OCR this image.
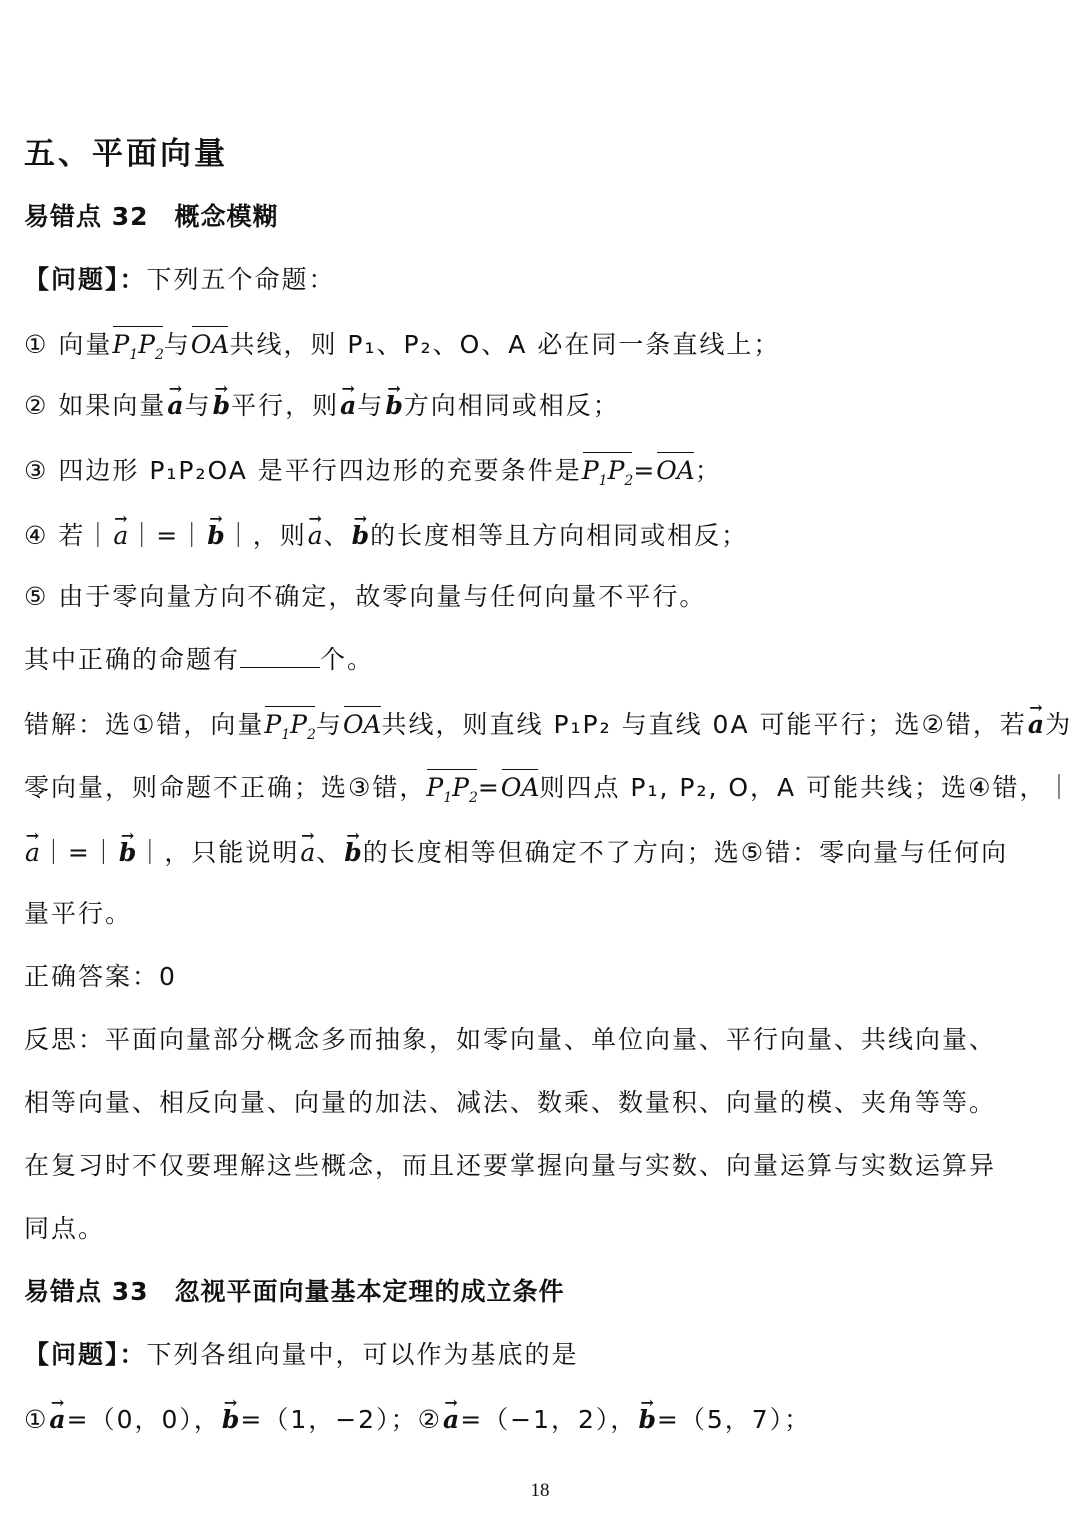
五、平面向量
易错点 32　概念模糊
【问题】：下列五个命题：
① 向量$P_1P_2$与OA共线，则 P₁、P₂、O、A 必在同一条直线上；
② 如果向量→ a与→ b平行，则→ a与→ b方向相同或相反；
③ 四边形 P₁P₂OA 是平行四边形的充要条件是$P_1P_2=OA$；
④ 若｜→ a｜=｜→ b｜，则→ a、→ b的长度相等且方向相同或相反；
⑤ 由于零向量方向不确定，故零向量与任何向量不平行。
其中正确的命题有	个。
错解：选①错，向量$P_1P_2$与OA共线，则直线 P₁P₂ 与直线 0A 可能平行；选②错，若→ a为
零向量，则命题不正确；选③错，$P_1P_2=OA$则四点 P₁, P₂, O，A 可能共线；选④错，｜
→ a｜=｜→ b｜，只能说明→ a、→ b的长度相等但确定不了方向；选⑤错：零向量与任何向
量平行。
正确答案：0
反思：平面向量部分概念多而抽象，如零向量、单位向量、平行向量、共线向量、
相等向量、相反向量、向量的加法、减法、数乘、数量积、向量的模、夹角等等。
在复习时不仅要理解这些概念，而且还要掌握向量与实数、向量运算与实数运算异
同点。
易错点 33　忽视平面向量基本定理的成立条件
【问题】：下列各组向量中，可以作为基底的是
①→ a=（0，0），→ b=（1，−2）；②→ a=（−1，2），→ b=（5，7）；
18
